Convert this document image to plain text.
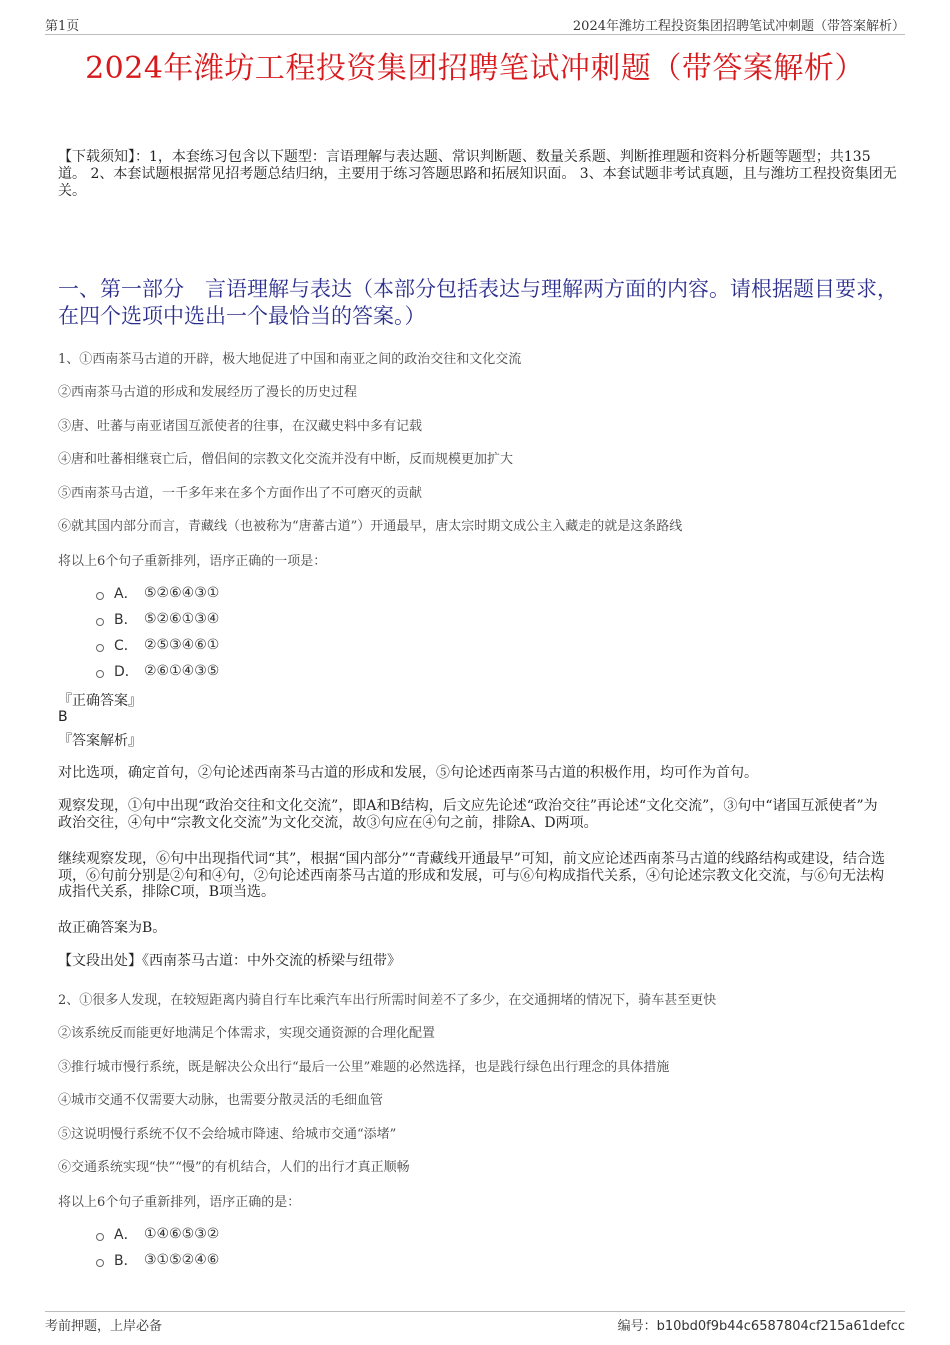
第1页	2024年潍坊工程投资集团招聘笔试冲刺题（带答案解析）
2024年潍坊工程投资集团招聘笔试冲刺题（带答案解析）
【下载须知】：1，本套练习包含以下题型：言语理解与表达题、常识判断题、数量关系题、判断推理题和资料分析题等题型；共135道。 2、本套试题根据常见招考题总结归纳，主要用于练习答题思路和拓展知识面。 3、本套试题非考试真题，且与潍坊工程投资集团无关。
一、第一部分　言语理解与表达（本部分包括表达与理解两方面的内容。请根据题目要求，在四个选项中选出一个最恰当的答案。）
1、①西南茶马古道的开辟，极大地促进了中国和南亚之间的政治交往和文化交流
②西南茶马古道的形成和发展经历了漫长的历史过程
③唐、吐蕃与南亚诸国互派使者的往事，在汉藏史料中多有记载
④唐和吐蕃相继衰亡后，僧侣间的宗教文化交流并没有中断，反而规模更加扩大
⑤西南茶马古道，一千多年来在多个方面作出了不可磨灭的贡献
⑥就其国内部分而言，青藏线（也被称为“唐蕃古道”）开通最早，唐太宗时期文成公主入藏走的就是这条路线
将以上6个句子重新排列，语序正确的一项是：
A． ⑤②⑥④③①
B． ⑤②⑥①③④
C． ②⑤③④⑥①
D． ②⑥①④③⑤
『正确答案』
B
『答案解析』
对比选项，确定首句，②句论述西南茶马古道的形成和发展，⑤句论述西南茶马古道的积极作用，均可作为首句。
观察发现，①句中出现“政治交往和文化交流”，即A和B结构，后文应先论述“政治交往”再论述“文化交流”，③句中“诸国互派使者”为政治交往，④句中“宗教文化交流”为文化交流，故③句应在④句之前，排除A、D两项。
继续观察发现，⑥句中出现指代词“其”，根据“国内部分”“青藏线开通最早”可知，前文应论述西南茶马古道的线路结构或建设，结合选项，⑥句前分别是②句和④句，②句论述西南茶马古道的形成和发展，可与⑥句构成指代关系，④句论述宗教文化交流，与⑥句无法构成指代关系，排除C项，B项当选。
故正确答案为B。
【文段出处】《西南茶马古道：中外交流的桥梁与纽带》
2、①很多人发现，在较短距离内骑自行车比乘汽车出行所需时间差不了多少，在交通拥堵的情况下，骑车甚至更快
②该系统反而能更好地满足个体需求，实现交通资源的合理化配置
③推行城市慢行系统，既是解决公众出行“最后一公里”难题的必然选择，也是践行绿色出行理念的具体措施
④城市交通不仅需要大动脉，也需要分散灵活的毛细血管
⑤这说明慢行系统不仅不会给城市降速、给城市交通“添堵”
⑥交通系统实现“快”“慢”的有机结合，人们的出行才真正顺畅
将以上6个句子重新排列，语序正确的是：
A． ①④⑥⑤③②
B． ③①⑤②④⑥
考前押题，上岸必备	编号：b10bd0f9b44c6587804cf215a61defcc
